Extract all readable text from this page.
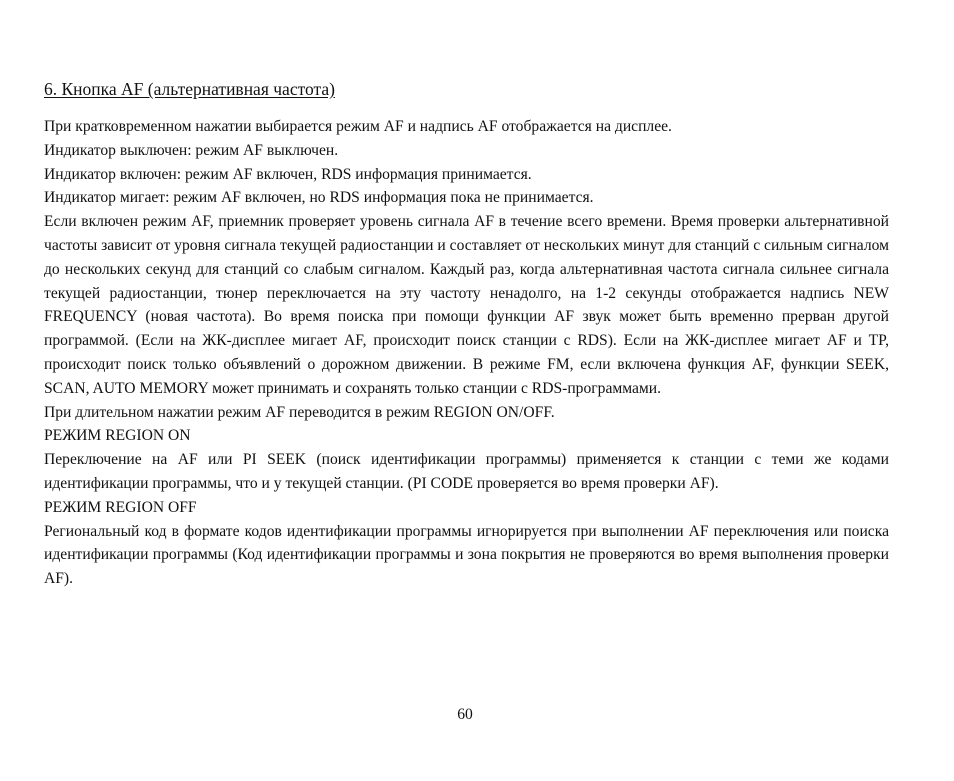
6. Кнопка AF (альтернативная частота)

При кратковременном нажатии выбирается режим AF и надпись AF отображается на дисплее.

Индикатор выключен: режим AF выключен.

Индикатор включен: режим AF включен, RDS информация принимается.

Индикатор мигает: режим AF включен, но RDS информация пока не принимается.

Если включен режим AF, приемник проверяет уровень сигнала AF в течение всего времени. Время проверки альтернативной частоты зависит от уровня сигнала текущей радиостанции и составляет от нескольких минут для станций с сильным сигналом до нескольких секунд для станций со слабым сигналом. Каждый раз, когда альтернативная частота сигнала сильнее сигнала текущей радиостанции, тюнер переключается на эту частоту ненадолго, на 1-2 секунды отображается надпись NEW FREQUENCY (новая частота). Во время поиска при помощи функции AF звук может быть временно прерван другой программой. (Если на ЖК-дисплее мигает AF, происходит поиск станции с RDS). Если на ЖК-дисплее мигает AF и TP, происходит поиск только объявлений о дорожном движении. В режиме FM, если включена функция AF, функции SEEK, SCAN, AUTO MEMORY может принимать и сохранять только станции с RDS-программами.

При длительном нажатии режим AF переводится в режим REGION ON/OFF.

РЕЖИМ REGION ON

Переключение на AF или PI SEEK (поиск идентификации программы) применяется к станции с теми же кодами идентификации программы, что и у текущей станции. (PI CODE проверяется во время проверки AF).

РЕЖИМ REGION OFF

Региональный код в формате кодов идентификации программы игнорируется при выполнении AF переключения или поиска идентификации программы (Код идентификации программы и зона покрытия не проверяются во время выполнения проверки AF).

60
